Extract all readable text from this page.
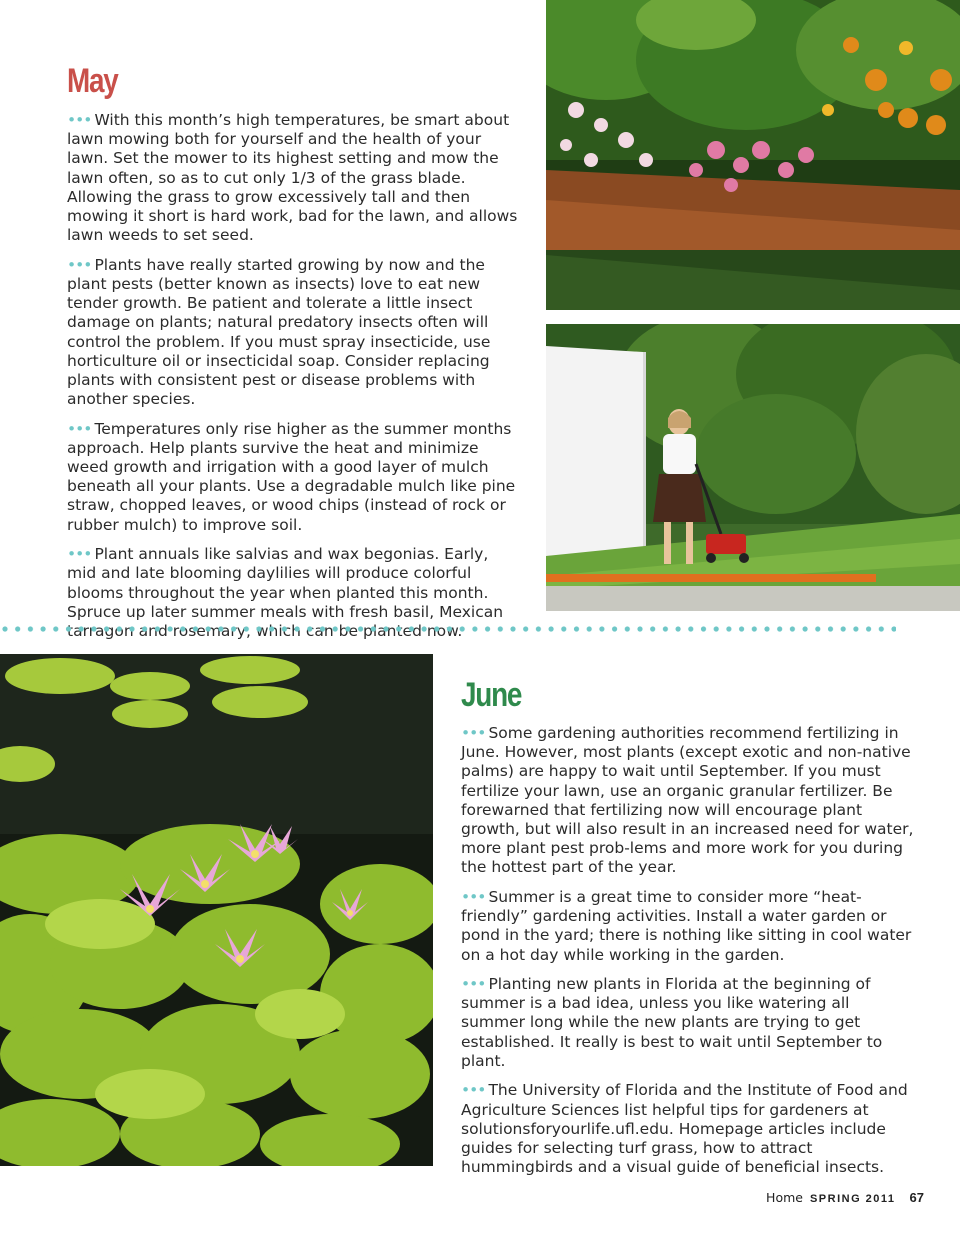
May

••• With this month’s high temperatures, be smart about lawn mowing both for yourself and the health of your lawn. Set the mower to its highest setting and mow the lawn often, so as to cut only 1/3 of the grass blade. Allowing the grass to grow excessively tall and then mowing it short is hard work, bad for the lawn, and allows lawn weeds to set seed.

••• Plants have really started growing by now and the plant pests (better known as insects) love to eat new tender growth. Be patient and tolerate a little insect damage on plants; natural predatory insects often will control the problem. If you must spray insecticide, use horticulture oil or insecticidal soap. Consider replacing plants with consistent pest or disease problems with another species.

••• Temperatures only rise higher as the summer months approach. Help plants survive the heat and minimize weed growth and irrigation with a good layer of mulch beneath all your plants. Use a degradable mulch like pine straw, chopped leaves, or wood chips (instead of rock or rubber mulch) to improve soil.

••• Plant annuals like salvias and wax begonias. Early, mid and late blooming daylilies will produce colorful blooms throughout the year when planted this month. Spruce up later summer meals with fresh basil, Mexican

June

••• Some gardening authorities recommend fertilizing in June. However, most plants (except exotic and non-native palms) are happy to wait until September. If you must fertilize your lawn, use an organic granular fertilizer. Be forewarned that fertilizing now will encourage plant growth, but will also result in an increased need for water, more plant pest prob-lems and more work for you during the hottest part of the year.

••• Summer is a great time to consider more “heat-friendly” gardening activities. Install a water garden or pond in the yard; there is nothing like sitting in cool water on a hot day while working in the garden.

••• Planting new plants in Florida at the beginning of summer is a bad idea, unless you like watering all summer long while the new plants are trying to get established. It really is best to wait until September to plant.

••• The University of Florida and the Institute of Food and Agriculture Sciences list helpful tips for gardeners at solutionsforyourlife.ufl.edu. Homepage articles include guides for selecting turf grass, how to attract hummingbirds and a visual guide of beneficial insects.

Home SPRING 2011 67
